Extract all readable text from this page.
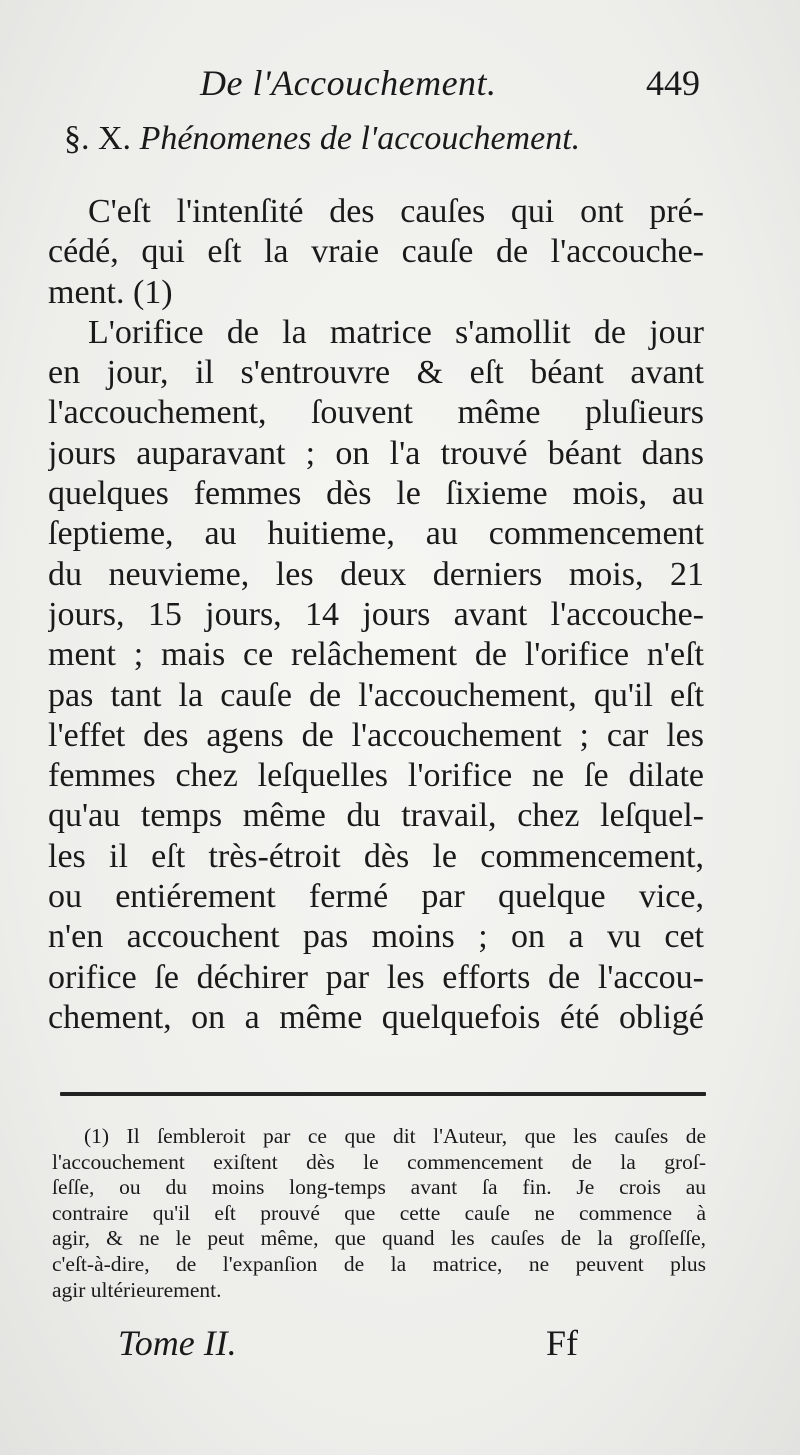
De l'Accouchement.	449
§. X. Phénomenes de l'accouchement.
C'eſt l'intenſité des cauſes qui ont pré-
cédé, qui eſt la vraie cauſe de l'accouche-
ment. (1)
L'orifice de la matrice s'amollit de jour
en jour, il s'entrouvre & eſt béant avant
l'accouchement, ſouvent même pluſieurs
jours auparavant ; on l'a trouvé béant dans
quelques femmes dès le ſixieme mois, au
ſeptieme, au huitieme, au commencement
du neuvieme, les deux derniers mois, 21
jours, 15 jours, 14 jours avant l'accouche-
ment ; mais ce relâchement de l'orifice n'eſt
pas tant la cauſe de l'accouchement, qu'il eſt
l'effet des agens de l'accouchement ; car les
femmes chez leſquelles l'orifice ne ſe dilate
qu'au temps même du travail, chez leſquel-
les il eſt très-étroit dès le commencement,
ou entiérement fermé par quelque vice,
n'en accouchent pas moins ; on a vu cet
orifice ſe déchirer par les efforts de l'accou-
chement, on a même quelquefois été obligé
(1) Il ſembleroit par ce que dit l'Auteur, que les cauſes de
l'accouchement exiſtent dès le commencement de la groſ-
ſeſſe, ou du moins long-temps avant ſa fin. Je crois au
contraire qu'il eſt prouvé que cette cauſe ne commence à
agir, & ne le peut même, que quand les cauſes de la groſſeſſe,
c'eſt-à-dire, de l'expanſion de la matrice, ne peuvent plus
agir ultérieurement.
Tome II.	Ff
